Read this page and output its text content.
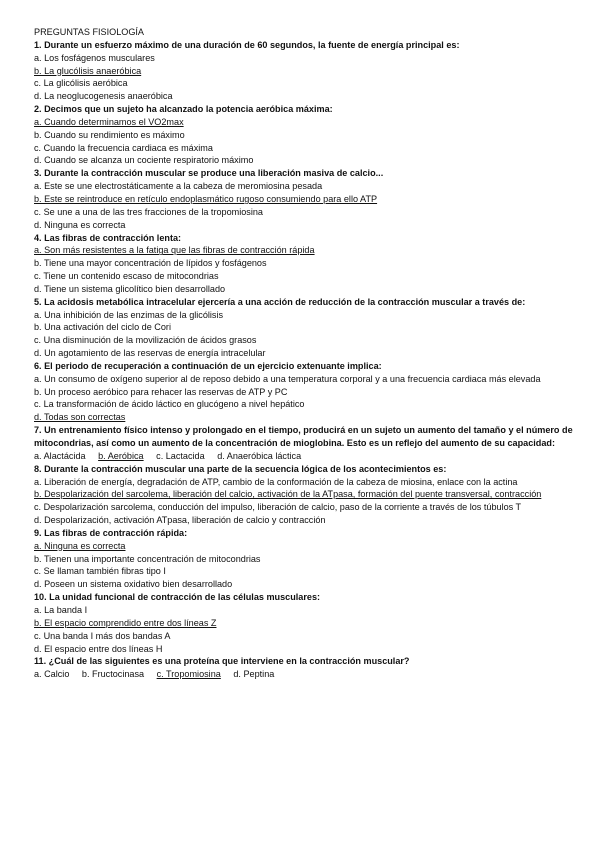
PREGUNTAS FISIOLOGÍA
1. Durante un esfuerzo máximo de una duración de 60 segundos, la fuente de energía principal es:
a. Los fosfágenos musculares
b. La glucólisis anaeróbica
c. La glicólisis aeróbica
d. La neoglucogenesis anaeróbica
2. Decimos que un sujeto ha alcanzado la potencia aeróbica máxima:
a. Cuando determinamos el VO2max
b. Cuando su rendimiento es máximo
c. Cuando la frecuencia cardiaca es máxima
d. Cuando se alcanza un cociente respiratorio máximo
3. Durante la contracción muscular se produce una liberación masiva de calcio...
a. Este se une electrostáticamente a la cabeza de meromiosina pesada
b. Este se reintroduce en retículo endoplasmático rugoso consumiendo para ello ATP
c. Se une a una de las tres fracciones de la tropomiosina
d. Ninguna es correcta
4. Las fibras de contracción lenta:
a. Son más resistentes a la fatiga que las fibras de contracción rápida
b. Tiene una mayor concentración de lípidos y fosfágenos
c. Tiene un contenido escaso de mitocondrias
d. Tiene un sistema glicolítico bien desarrollado
5. La acidosis metabólica intracelular ejercería a una acción de reducción de la contracción muscular a través de:
a. Una inhibición de las enzimas de la glicólisis
b. Una activación del ciclo de Cori
c. Una disminución de la movilización de ácidos grasos
d. Un agotamiento de las reservas de energía intracelular
6. El periodo de recuperación a continuación de un ejercicio extenuante implica:
a. Un consumo de oxígeno superior al de reposo debido a una temperatura corporal y a una frecuencia cardiaca más elevada
b. Un proceso aeróbico para rehacer las reservas de ATP y PC
c. La transformación de ácido láctico en glucógeno a nivel hepático
d. Todas son correctas
7. Un entrenamiento físico intenso y prolongado en el tiempo, producirá en un sujeto un aumento del tamaño y el número de mitocondrias, así como un aumento de la concentración de mioglobina. Esto es un reflejo del aumento de su capacidad:
a. Alactácida b. Aeróbica c. Lactacida d. Anaeróbica láctica
8. Durante la contracción muscular una parte de la secuencia lógica de los acontecimientos es:
a. Liberación de energía, degradación de ATP, cambio de la conformación de la cabeza de miosina, enlace con la actina
b. Despolarización del sarcolema, liberación del calcio, activación de la ATpasa, formación del puente transversal, contracción
c. Despolarización sarcolema, conducción del impulso, liberación de calcio, paso de la corriente a través de los túbulos T
d. Despolarización, activación ATpasa, liberación de calcio y contracción
9. Las fibras de contracción rápida:
a. Ninguna es correcta
b. Tienen una importante concentración de mitocondrias
c. Se llaman también fibras tipo I
d. Poseen un sistema oxidativo bien desarrollado
10. La unidad funcional de contracción de las células musculares:
a. La banda I
b. El espacio comprendido entre dos líneas Z
c. Una banda I más dos bandas A
d. El espacio entre dos líneas H
11. ¿Cuál de las siguientes es una proteína que interviene en la contracción muscular?
a. Calcio b. Fructocinasa c. Tropomiosina d. Peptina
